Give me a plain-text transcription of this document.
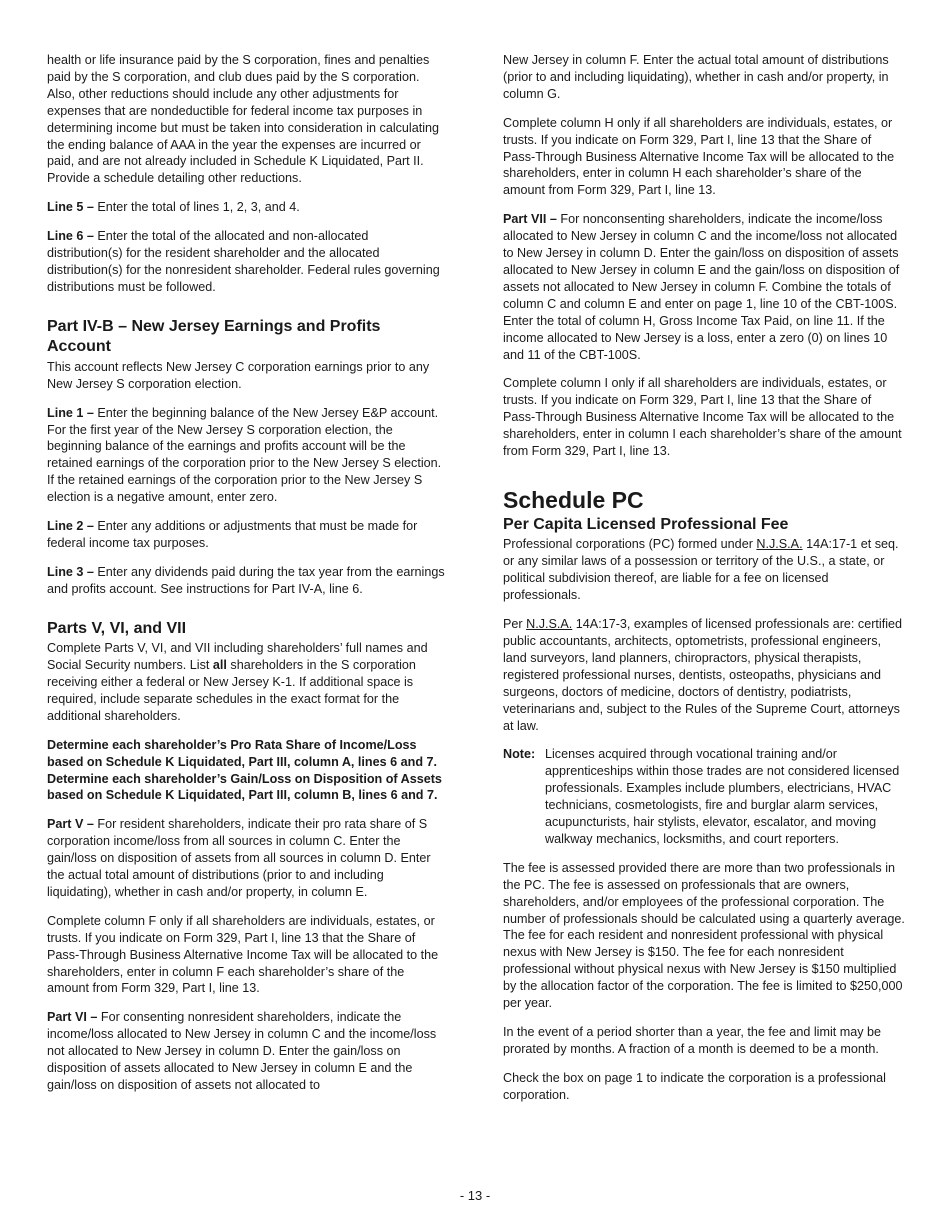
health or life insurance paid by the S corporation, fines and penalties paid by the S corporation, and club dues paid by the S corporation. Also, other reductions should include any other adjustments for expenses that are nondeductible for federal income tax purposes in determining income but must be taken into consideration in calculating the ending balance of AAA in the year the expenses are incurred or paid, and are not already included in Schedule K Liquidated, Part II. Provide a schedule detailing other reductions.

Line 5 – Enter the total of lines 1, 2, 3, and 4.

Line 6 – Enter the total of the allocated and non-allocated distribution(s) for the resident shareholder and the allocated distribution(s) for the nonresident shareholder. Federal rules governing distributions must be followed.

Part IV-B – New Jersey Earnings and Profits Account

This account reflects New Jersey C corporation earnings prior to any New Jersey S corporation election.

Line 1 – Enter the beginning balance of the New Jersey E&P account. For the first year of the New Jersey S corporation election, the beginning balance of the earnings and profits account will be the retained earnings of the corporation prior to the New Jersey S election. If the retained earnings of the corporation prior to the New Jersey S election is a negative amount, enter zero.

Line 2 – Enter any additions or adjustments that must be made for federal income tax purposes.

Line 3 – Enter any dividends paid during the tax year from the earnings and profits account. See instructions for Part IV-A, line 6.

Parts V, VI, and VII

Complete Parts V, VI, and VII including shareholders’ full names and Social Security numbers. List all shareholders in the S corporation receiving either a federal or New Jersey K-1. If additional space is required, include separate schedules in the exact format for the additional shareholders.

Determine each shareholder’s Pro Rata Share of Income/Loss based on Schedule K Liquidated, Part III, column A, lines 6 and 7. Determine each shareholder’s Gain/Loss on Disposition of Assets based on Schedule K Liquidated, Part III, column B, lines 6 and 7.

Part V – For resident shareholders, indicate their pro rata share of S corporation income/loss from all sources in column C. Enter the gain/loss on disposition of assets from all sources in column D. Enter the actual total amount of distributions (prior to and including liquidating), whether in cash and/or property, in column E.

Complete column F only if all shareholders are individuals, estates, or trusts. If you indicate on Form 329, Part I, line 13 that the Share of Pass-Through Business Alternative Income Tax will be allocated to the shareholders, enter in column F each shareholder’s share of the amount from Form 329, Part I, line 13.

Part VI – For consenting nonresident shareholders, indicate the income/loss allocated to New Jersey in column C and the income/loss not allocated to New Jersey in column D. Enter the gain/loss on disposition of assets allocated to New Jersey in column E and the gain/loss on disposition of assets not allocated to

New Jersey in column F. Enter the actual total amount of distributions (prior to and including liquidating), whether in cash and/or property, in column G.

Complete column H only if all shareholders are individuals, estates, or trusts. If you indicate on Form 329, Part I, line 13 that the Share of Pass-Through Business Alternative Income Tax will be allocated to the shareholders, enter in column H each shareholder’s share of the amount from Form 329, Part I, line 13.

Part VII – For nonconsenting shareholders, indicate the income/loss allocated to New Jersey in column C and the income/loss not allocated to New Jersey in column D. Enter the gain/loss on disposition of assets allocated to New Jersey in column E and the gain/loss on disposition of assets not allocated to New Jersey in column F. Combine the totals of column C and column E and enter on page 1, line 10 of the CBT-100S. Enter the total of column H, Gross Income Tax Paid, on line 11. If the income allocated to New Jersey is a loss, enter a zero (0) on lines 10 and 11 of the CBT-100S.

Complete column I only if all shareholders are individuals, estates, or trusts. If you indicate on Form 329, Part I, line 13 that the Share of Pass-Through Business Alternative Income Tax will be allocated to the shareholders, enter in column I each shareholder’s share of the amount from Form 329, Part I, line 13.

Schedule PC
Per Capita Licensed Professional Fee

Professional corporations (PC) formed under N.J.S.A. 14A:17-1 et seq. or any similar laws of a possession or territory of the U.S., a state, or political subdivision thereof, are liable for a fee on licensed professionals.

Per N.J.S.A. 14A:17-3, examples of licensed professionals are: certified public accountants, architects, optometrists, professional engineers, land surveyors, land planners, chiropractors, physical therapists, registered professional nurses, dentists, osteopaths, physicians and surgeons, doctors of medicine, doctors of dentistry, podiatrists, veterinarians and, subject to the Rules of the Supreme Court, attorneys at law.

Note: Licenses acquired through vocational training and/or apprenticeships within those trades are not considered licensed professionals. Examples include plumbers, electricians, HVAC technicians, cosmetologists, fire and burglar alarm services, acupuncturists, hair stylists, elevator, escalator, and moving walkway mechanics, locksmiths, and court reporters.

The fee is assessed provided there are more than two professionals in the PC. The fee is assessed on professionals that are owners, shareholders, and/or employees of the professional corporation. The number of professionals should be calculated using a quarterly average. The fee for each resident and nonresident professional with physical nexus with New Jersey is $150. The fee for each nonresident professional without physical nexus with New Jersey is $150 multiplied by the allocation factor of the corporation. The fee is limited to $250,000 per year.

In the event of a period shorter than a year, the fee and limit may be prorated by months. A fraction of a month is deemed to be a month.

Check the box on page 1 to indicate the corporation is a professional corporation.

- 13 -
